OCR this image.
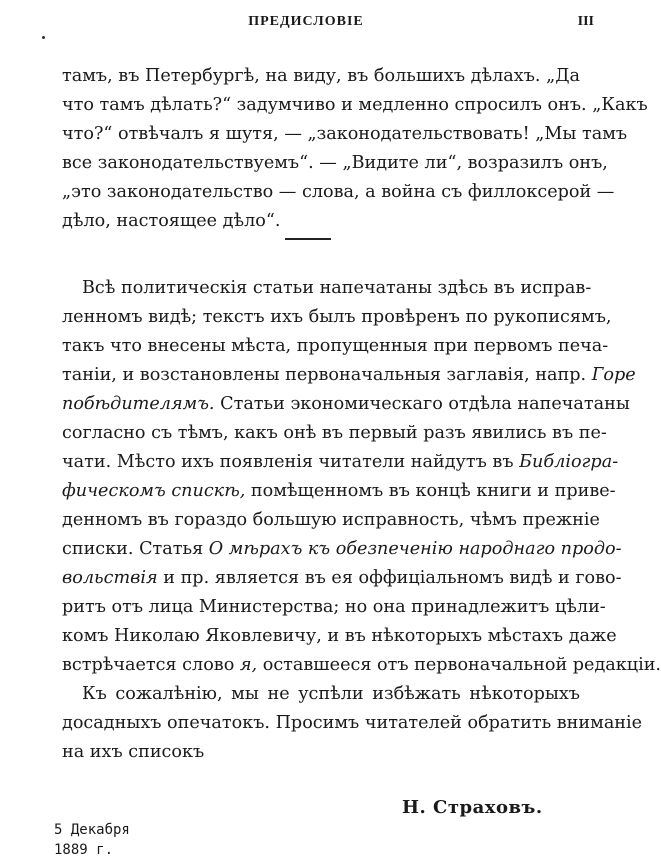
ПРЕДИСЛОВІЕ	III
тамъ, въ Петербургѣ, на виду, въ большихъ дѣлахъ. „Да
что тамъ дѣлать?“ задумчиво и медленно спросилъ онъ. „Какъ
что?“ отвѣчалъ я шутя, — „законодательствовать! „Мы тамъ
все законодательствуемъ“. — „Видите ли“, возразилъ онъ,
„это законодательство — слова, а война съ филлоксерой —
дѣло, настоящее дѣло“.
Всѣ политическія статьи напечатаны здѣсь въ исправ-
ленномъ видѣ; текстъ ихъ былъ провѣренъ по рукописямъ,
такъ что внесены мѣста, пропущенныя при первомъ печа-
таніи, и возстановлены первоначальныя заглавія, напр. Горе
побѣдителямъ. Статьи экономическаго отдѣла напечатаны
согласно съ тѣмъ, какъ онѣ въ первый разъ явились въ пе-
чати. Мѣсто ихъ появленія читатели найдутъ въ Библіогра-
фическомъ спискѣ, помѣщенномъ въ концѣ книги и приве-
денномъ въ гораздо большую исправность, чѣмъ прежніе
списки. Статья О мѣрахъ къ обезпеченію народнаго продо-
вольствія и пр. является въ ея оффиціальномъ видѣ и гово-
ритъ отъ лица Министерства; но она принадлежитъ цѣли-
комъ Николаю Яковлевичу, и въ нѣкоторыхъ мѣстахъ даже
встрѣчается слово я, оставшееся отъ первоначальной редакціи.
Къ сожалѣнію, мы не успѣли избѣжать нѣкоторыхъ
досадныхъ опечатокъ. Просимъ читателей обратить вниманіе
на ихъ списокъ
Н. Страховъ.
5 Декабря
1889 г.
